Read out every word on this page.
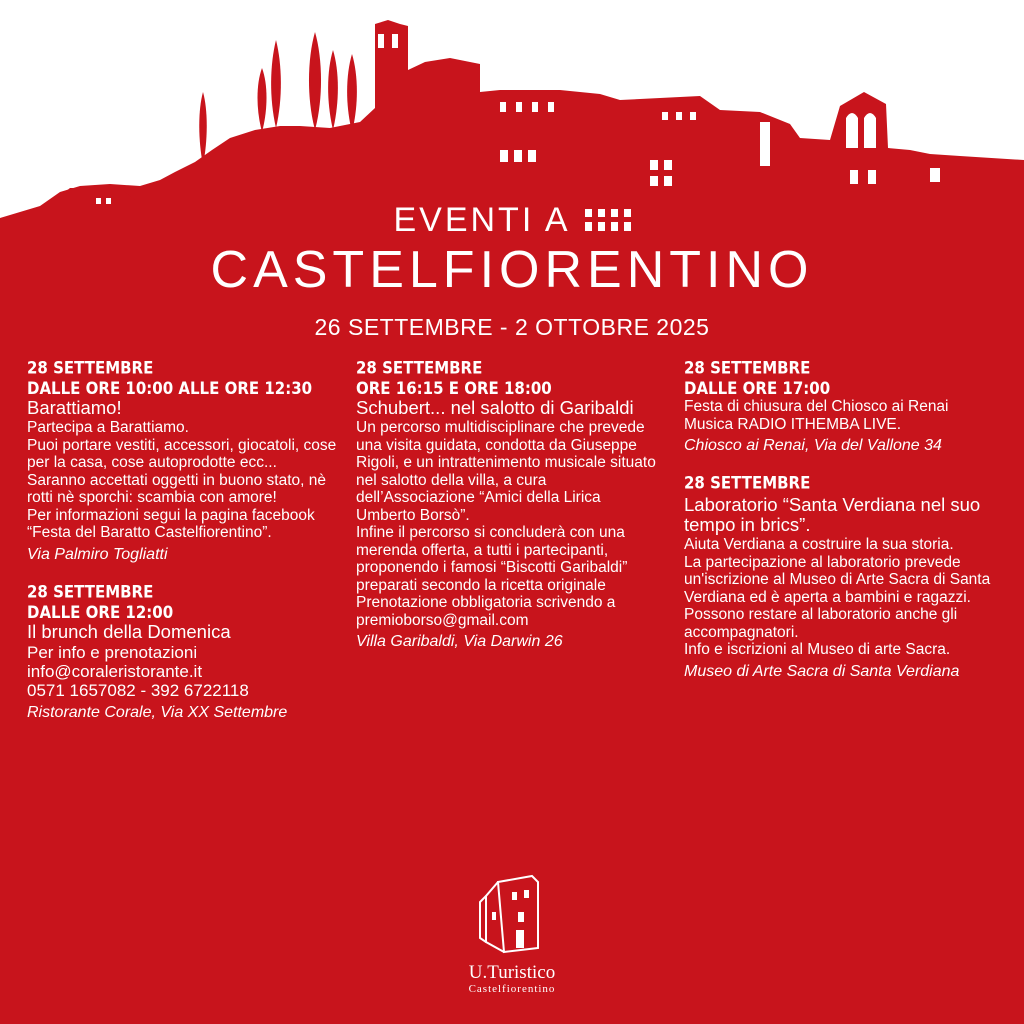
EVENTI A
CASTELFIORENTINO
26 SETTEMBRE - 2 OTTOBRE 2025
28 SETTEMBRE
DALLE ORE 10:00 ALLE ORE 12:30
Barattiamo!
Partecipa a Barattiamo.
Puoi portare vestiti, accessori, giocatoli, cose per la casa, cose autoprodotte ecc...
Saranno accettati oggetti in buono stato, nè rotti nè sporchi: scambia con amore!
Per informazioni segui la pagina facebook “Festa del Baratto Castelfiorentino”.
Via Palmiro Togliatti
28 SETTEMBRE
DALLE ORE 12:00
Il brunch della Domenica
Per info e prenotazioni
info@coraleristorante.it
0571 1657082 - 392 6722118
Ristorante Corale, Via XX Settembre
28 SETTEMBRE
ORE 16:15 E ORE 18:00
Schubert... nel salotto di Garibaldi
Un percorso multidisciplinare che prevede una visita guidata, condotta da Giuseppe Rigoli, e un intrattenimento musicale situato nel salotto della villa, a cura dell’Associazione “Amici della Lirica Umberto Borsò”.
Infine il percorso si concluderà con una merenda offerta, a tutti i partecipanti, proponendo i famosi “Biscotti Garibaldi” preparati secondo la ricetta originale
Prenotazione obbligatoria scrivendo a
premioborso@gmail.com
Villa Garibaldi, Via Darwin 26
28 SETTEMBRE
DALLE ORE 17:00
Festa di chiusura del Chiosco ai Renai
Musica RADIO ITHEMBA LIVE.
Chiosco ai Renai, Via del Vallone 34
28 SETTEMBRE
Laboratorio “Santa Verdiana nel suo tempo in brics”.
Aiuta Verdiana a costruire la sua storia.
La partecipazione al laboratorio prevede un'iscrizione al Museo di Arte Sacra di Santa Verdiana ed è aperta a bambini e ragazzi. Possono restare al laboratorio anche gli accompagnatori.
Info e iscrizioni al Museo di arte Sacra.
Museo di Arte Sacra di Santa Verdiana
U.Turistico
Castelfiorentino
